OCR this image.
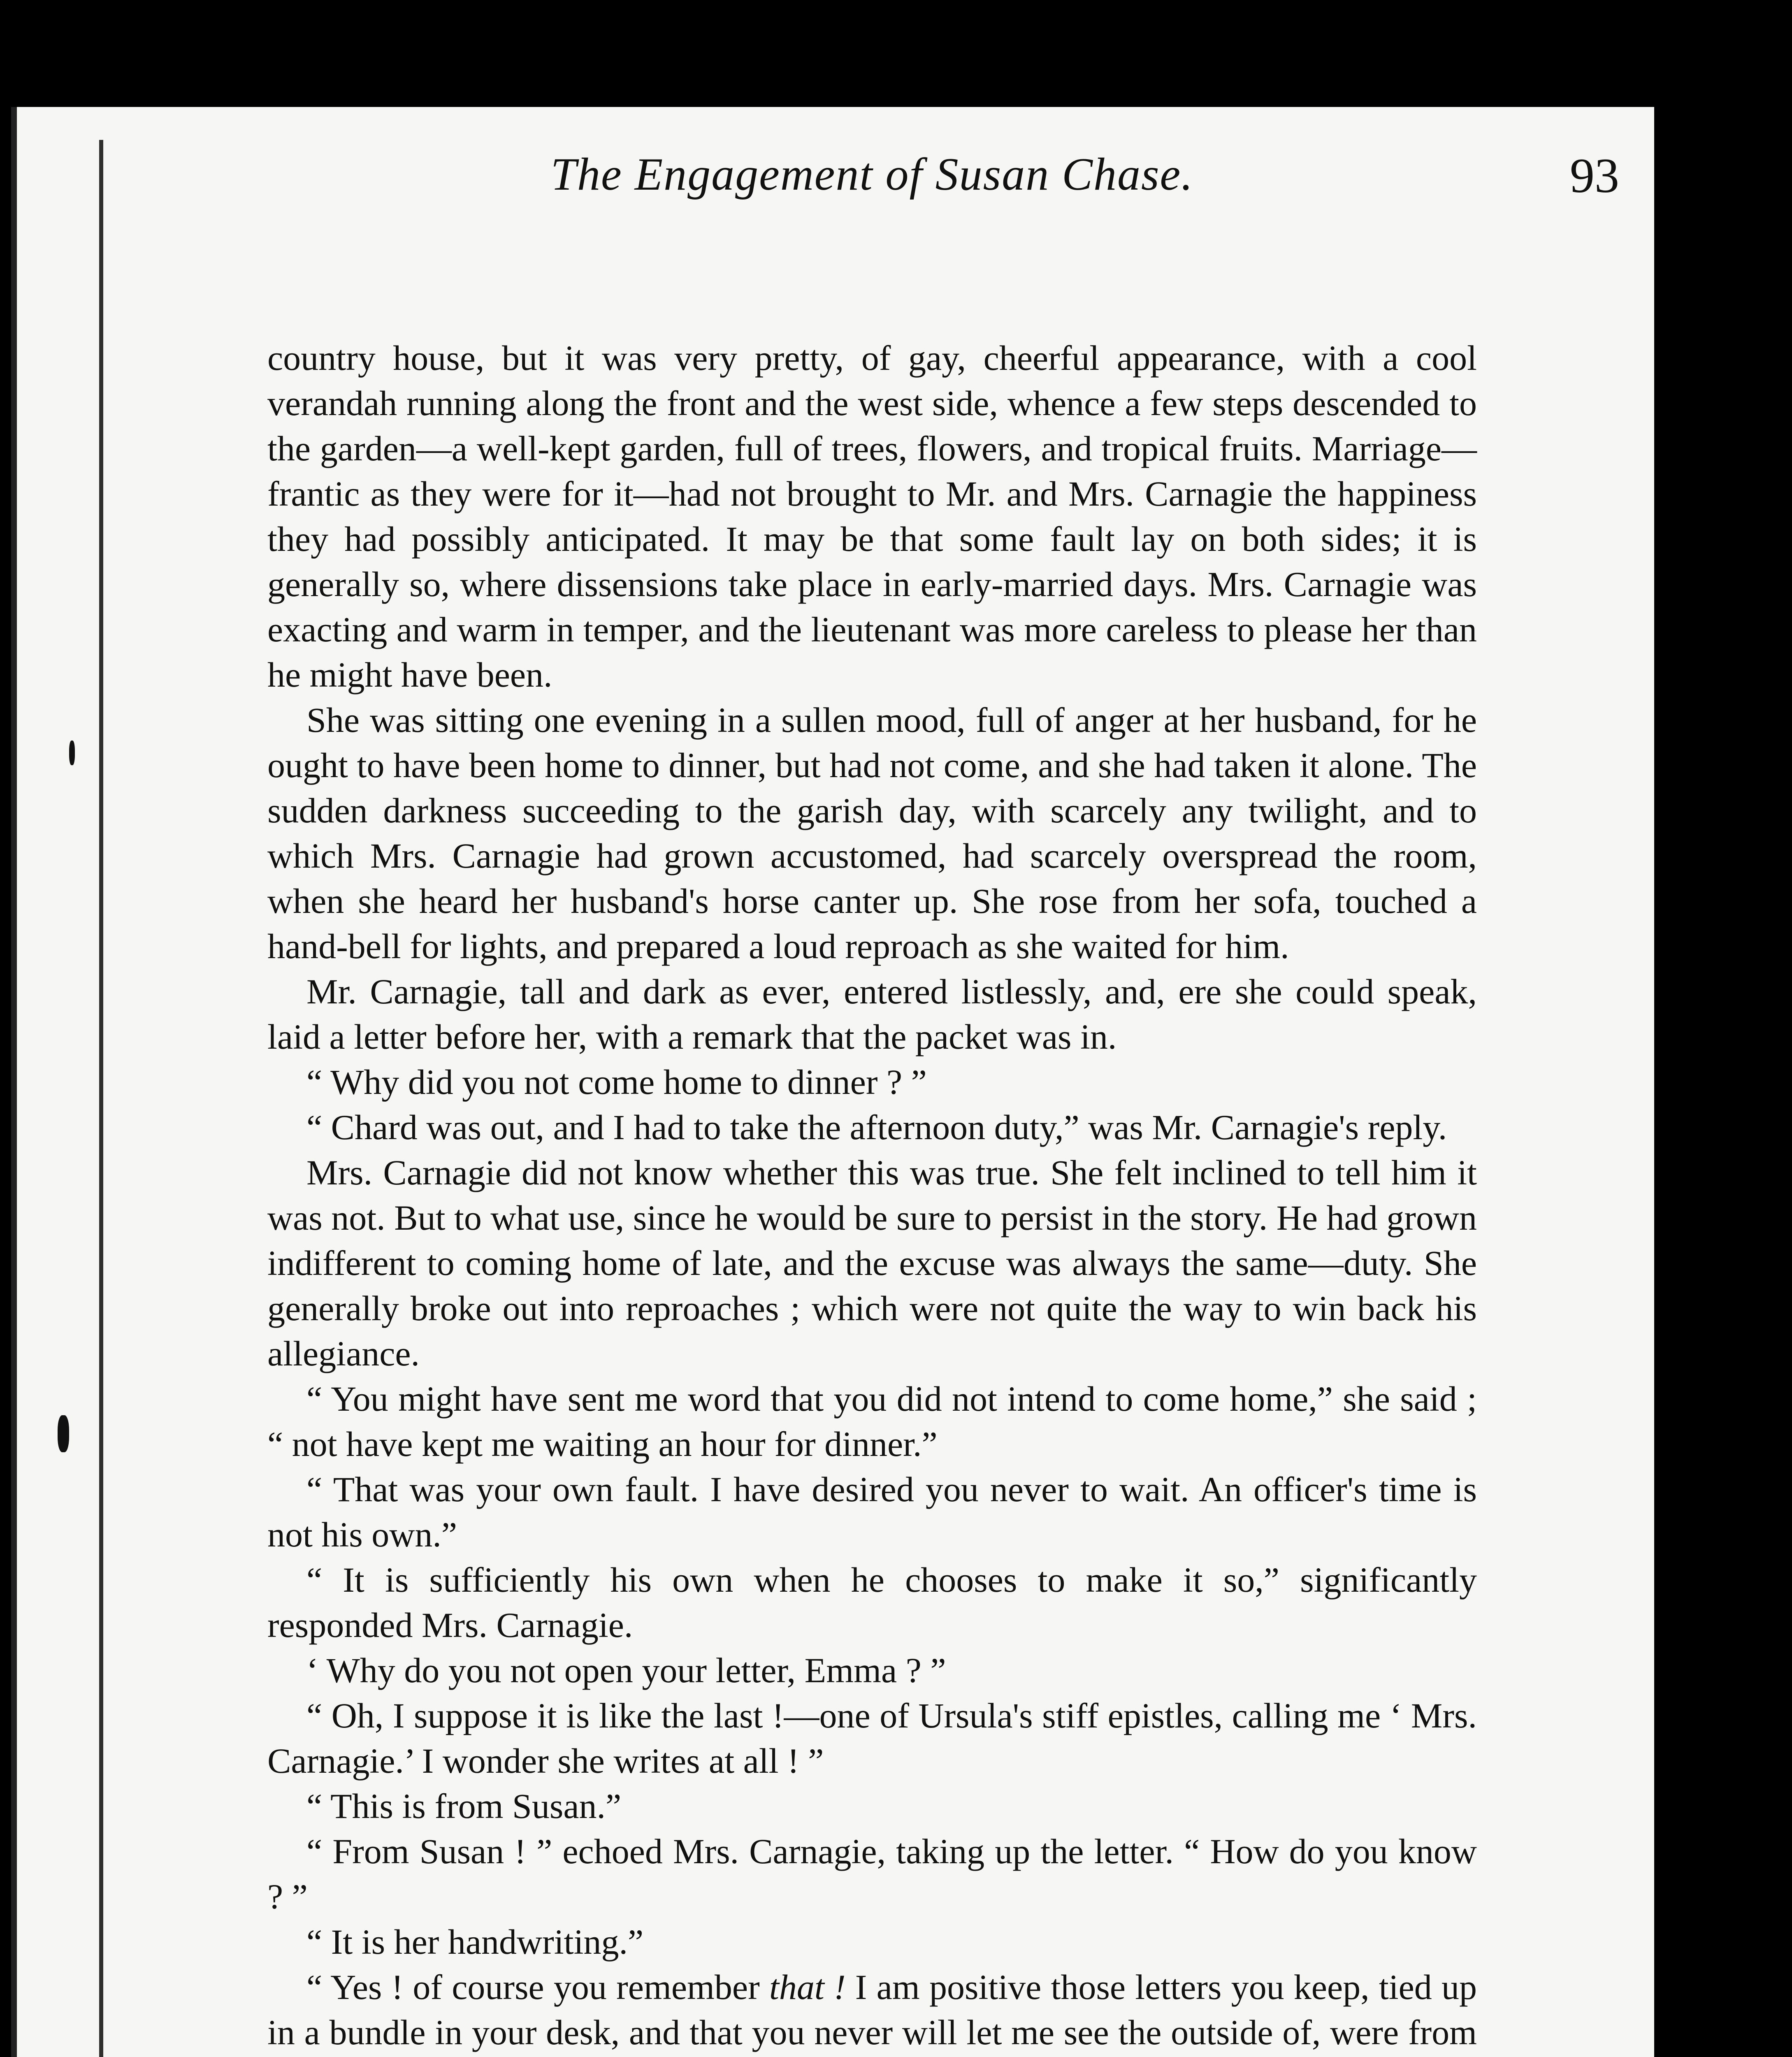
The Engagement of Susan Chase.	93

country house, but it was very pretty, of gay, cheerful appearance, with a cool verandah running along the front and the west side, whence a few steps descended to the garden—a well-kept garden, full of trees, flowers, and tropical fruits. Marriage—frantic as they were for it—had not brought to Mr. and Mrs. Carnagie the happiness they had possibly anticipated. It may be that some fault lay on both sides; it is generally so, where dissensions take place in early-married days. Mrs. Carnagie was exacting and warm in temper, and the lieutenant was more careless to please her than he might have been.

She was sitting one evening in a sullen mood, full of anger at her husband, for he ought to have been home to dinner, but had not come, and she had taken it alone. The sudden darkness succeeding to the garish day, with scarcely any twilight, and to which Mrs. Carnagie had grown accustomed, had scarcely overspread the room, when she heard her husband's horse canter up. She rose from her sofa, touched a hand-bell for lights, and prepared a loud reproach as she waited for him.

Mr. Carnagie, tall and dark as ever, entered listlessly, and, ere she could speak, laid a letter before her, with a remark that the packet was in.

“ Why did you not come home to dinner ? ”

“ Chard was out, and I had to take the afternoon duty,” was Mr. Carnagie's reply.

Mrs. Carnagie did not know whether this was true. She felt inclined to tell him it was not. But to what use, since he would be sure to persist in the story. He had grown indifferent to coming home of late, and the excuse was always the same—duty. She generally broke out into reproaches ; which were not quite the way to win back his allegiance.

“ You might have sent me word that you did not intend to come home,” she said ; “ not have kept me waiting an hour for dinner.”

“ That was your own fault. I have desired you never to wait. An officer's time is not his own.”

“ It is sufficiently his own when he chooses to make it so,” significantly responded Mrs. Carnagie.

‘ Why do you not open your letter, Emma ? ”

“ Oh, I suppose it is like the last !—one of Ursula's stiff epistles, calling me ‘ Mrs. Carnagie.’ I wonder she writes at all ! ”

“ This is from Susan.”

“ From Susan ! ” echoed Mrs. Carnagie, taking up the letter. “ How do you know ? ”

“ It is her handwriting.”

“ Yes ! of course you remember that ! I am positive those letters you keep, tied up in a bundle in your desk, and that you never will let me see the outside of, were from
